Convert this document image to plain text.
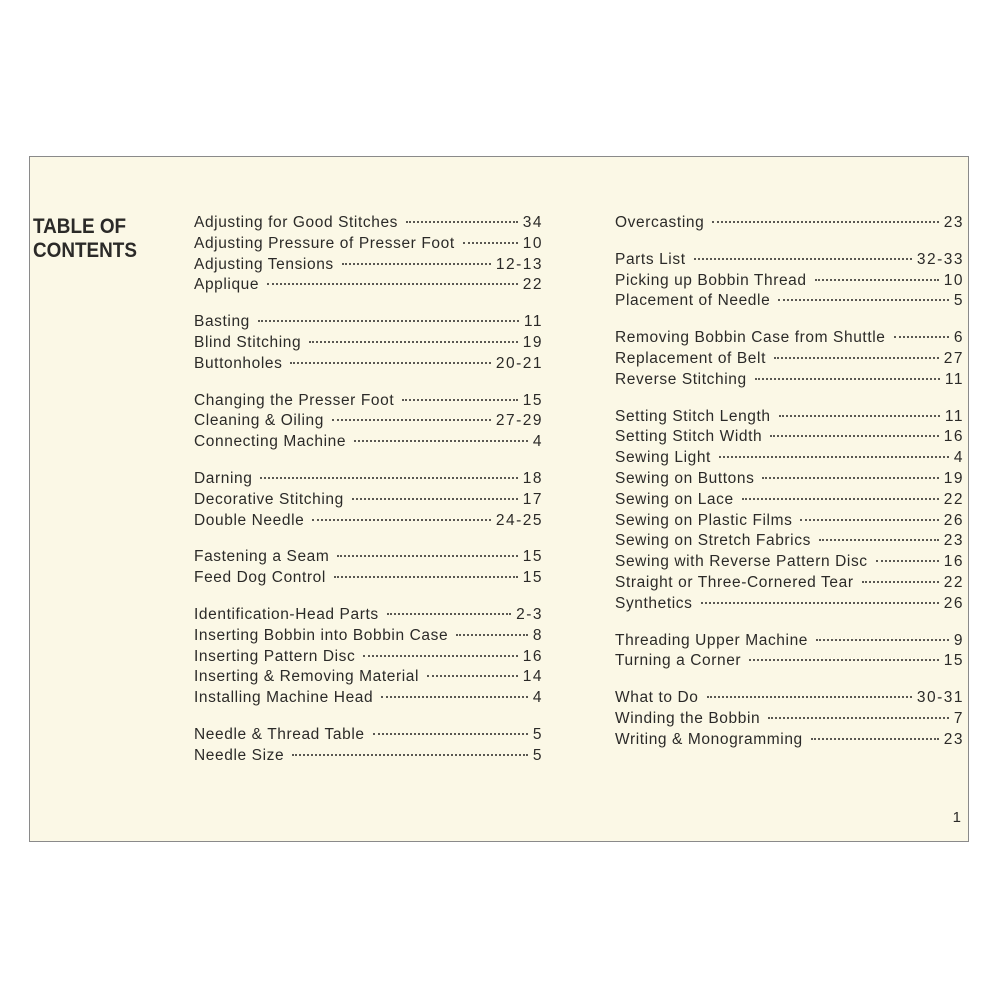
TABLE OF
CONTENTS
Adjusting for Good Stitches	34
Adjusting Pressure of Presser Foot	10
Adjusting Tensions	12-13
Applique	22
Basting	11
Blind Stitching	19
Buttonholes	20-21
Changing the Presser Foot	15
Cleaning & Oiling	27-29
Connecting Machine	4
Darning	18
Decorative Stitching	17
Double Needle	24-25
Fastening a Seam	15
Feed Dog Control	15
Identification-Head Parts	2-3
Inserting Bobbin into Bobbin Case	8
Inserting Pattern Disc	16
Inserting & Removing Material	14
Installing Machine Head	4
Needle & Thread Table	5
Needle Size	5
Overcasting	23
Parts List	32-33
Picking up Bobbin Thread	10
Placement of Needle	5
Removing Bobbin Case from Shuttle	6
Replacement of Belt	27
Reverse Stitching	11
Setting Stitch Length	11
Setting Stitch Width	16
Sewing Light	4
Sewing on Buttons	19
Sewing on Lace	22
Sewing on Plastic Films	26
Sewing on Stretch Fabrics	23
Sewing with Reverse Pattern Disc	16
Straight or Three-Cornered Tear	22
Synthetics	26
Threading Upper Machine	9
Turning a Corner	15
What to Do	30-31
Winding the Bobbin	7
Writing & Monogramming	23
1
